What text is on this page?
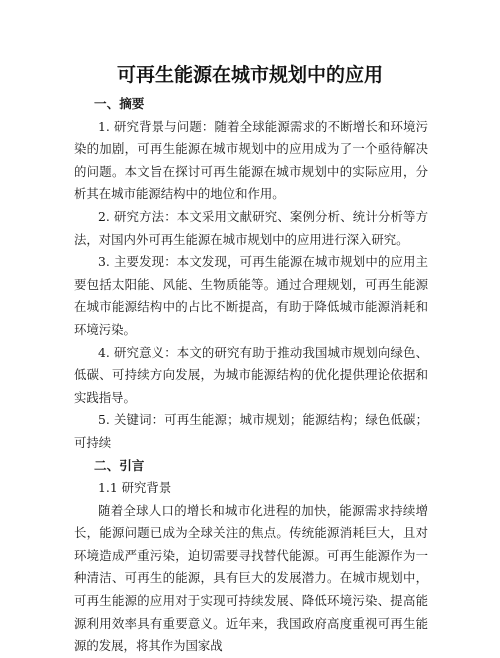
可再生能源在城市规划中的应用
一、摘要

1. 研究背景与问题：随着全球能源需求的不断增长和环境污染的加剧，可再生能源在城市规划中的应用成为了一个亟待解决的问题。本文旨在探讨可再生能源在城市规划中的实际应用，分析其在城市能源结构中的地位和作用。

2. 研究方法：本文采用文献研究、案例分析、统计分析等方法，对国内外可再生能源在城市规划中的应用进行深入研究。

3. 主要发现：本文发现，可再生能源在城市规划中的应用主要包括太阳能、风能、生物质能等。通过合理规划，可再生能源在城市能源结构中的占比不断提高，有助于降低城市能源消耗和环境污染。

4. 研究意义：本文的研究有助于推动我国城市规划向绿色、低碳、可持续方向发展，为城市能源结构的优化提供理论依据和实践指导。

5. 关键词：可再生能源；城市规划；能源结构；绿色低碳；可持续

二、引言

1.1 研究背景

随着全球人口的增长和城市化进程的加快，能源需求持续增长，能源问题已成为全球关注的焦点。传统能源消耗巨大，且对环境造成严重污染，迫切需要寻找替代能源。可再生能源作为一种清洁、可再生的能源，具有巨大的发展潜力。在城市规划中，可再生能源的应用对于实现可持续发展、降低环境污染、提高能源利用效率具有重要意义。近年来，我国政府高度重视可再生能源的发展，将其作为国家战
